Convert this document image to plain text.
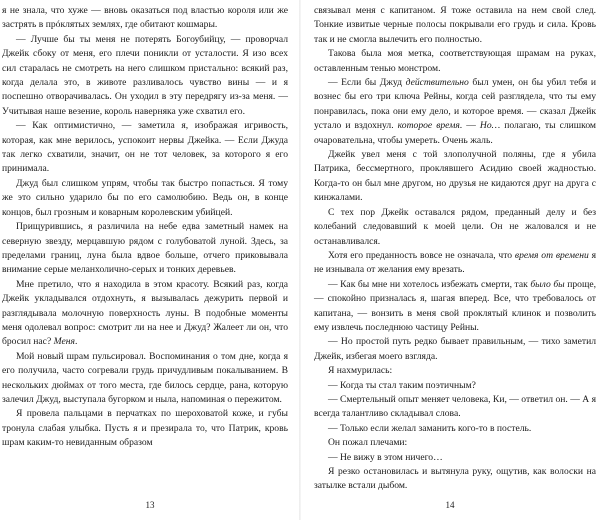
я не знала, что хуже — вновь оказаться под властью короля или же застрять в прóклятых землях, где обитают кошмары.

— Лучше бы ты меня не потерять Богоубийцу, — проворчал Джейк сбоку от меня, его плечи поникли от усталости. Я изо всех сил старалась не смотреть на него слишком пристально: всякий раз, когда делала это, в животе разливалось чувство вины — и я поспешно отворачивалась. Он уходил в эту передрягу из-за меня. — Учитывая наше везение, король наверняка уже схватил его.

— Как оптимистично, — заметила я, изображая игривость, которая, как мне верилось, успокоит нервы Джейка. — Если Джуда так легко схватили, значит, он не тот человек, за которого я его принимала.

Джуд был слишком упрям, чтобы так быстро попасться. Я тому же это сильно ударило бы по его самолюбию. Ведь он, в конце концов, был грозным и коварным королевским убийцей.

Прищурившись, я различила на небе едва заметный намек на северную звезду, мерцавшую рядом с голубоватой луной. Здесь, за пределами границ, луна была вдвое больше, отчего приковывала внимание серые меланхолично-серых и тонких деревьев.

Мне претило, что я находила в этом красоту. Всякий раз, когда Джейк укладывался отдохнуть, я вызывалась дежурить первой и разглядывала молочную поверхность луны. В подобные моменты меня одолевал вопрос: смотрит ли на нее и Джуд? Жалеет ли он, что бросил нас? Меня.

Мой новый шрам пульсировал. Воспоминания о том дне, когда я его получила, часто согревали грудь причудливым покалыванием. В нескольких дюймах от того места, где билось сердце, рана, которую залечил Джуд, выступала бугорком и ныла, напоминая о пережитом.

Я провела пальцами в перчатках по шероховатой коже, и губы тронула слабая улыбка. Пусть я и презирала то, что Патрик, кровь шрам каким-то невиданным образом

13

связывал меня с капитаном. Я тоже оставила на нем свой след. Тонкие извитые черные полосы покрывали его грудь и сила. Кровь так и не смогла вылечить его полностью.

Такова была моя метка, соответствующая шрамам на руках, оставленным тенью монстром.

— Если бы Джуд действительно был умен, он бы убил тебя и вознес бы его три ключа Рейны, когда сей разглядела, что ты ему понравилась, пока они ему дело, и которое время. — сказал Джейк устало и вздохнул. которое время. — Но… полагаю, ты слишком очаровательна, чтобы умереть. Очень жаль.

Джейк увел меня с той злополучной поляны, где я убила Патрика, бессмертного, проклявшего Асидию своей жадностью. Когда-то он был мне другом, но друзья не кидаются друг на друга с кинжалами.

С тех пор Джейк оставался рядом, преданный делу и без колебаний следовавший к моей цели. Он не жаловался и не останавливался.

Хотя его преданность вовсе не означала, что время от времени я не изнывала от желания ему врезать.

— Как бы мне ни хотелось избежать смерти, так было бы проще, — спокойно призналась я, шагая вперед. Все, что требовалось от капитана, — вонзить в меня свой проклятый клинок и позволить ему извлечь последнюю частицу Рейны.

— Но простой путь редко бывает правильным, — тихо заметил Джейк, избегая моего взгляда.

Я нахмурилась:

— Когда ты стал таким поэтичным?

— Смертельный опыт меняет человека, Ки, — ответил он. — А я всегда талантливо складывал слова.

— Только если желал заманить кого-то в постель.

Он пожал плечами:

— Не вижу в этом ничего…

Я резко остановилась и вытянула руку, ощутив, как волоски на затылке встали дыбом.

14
